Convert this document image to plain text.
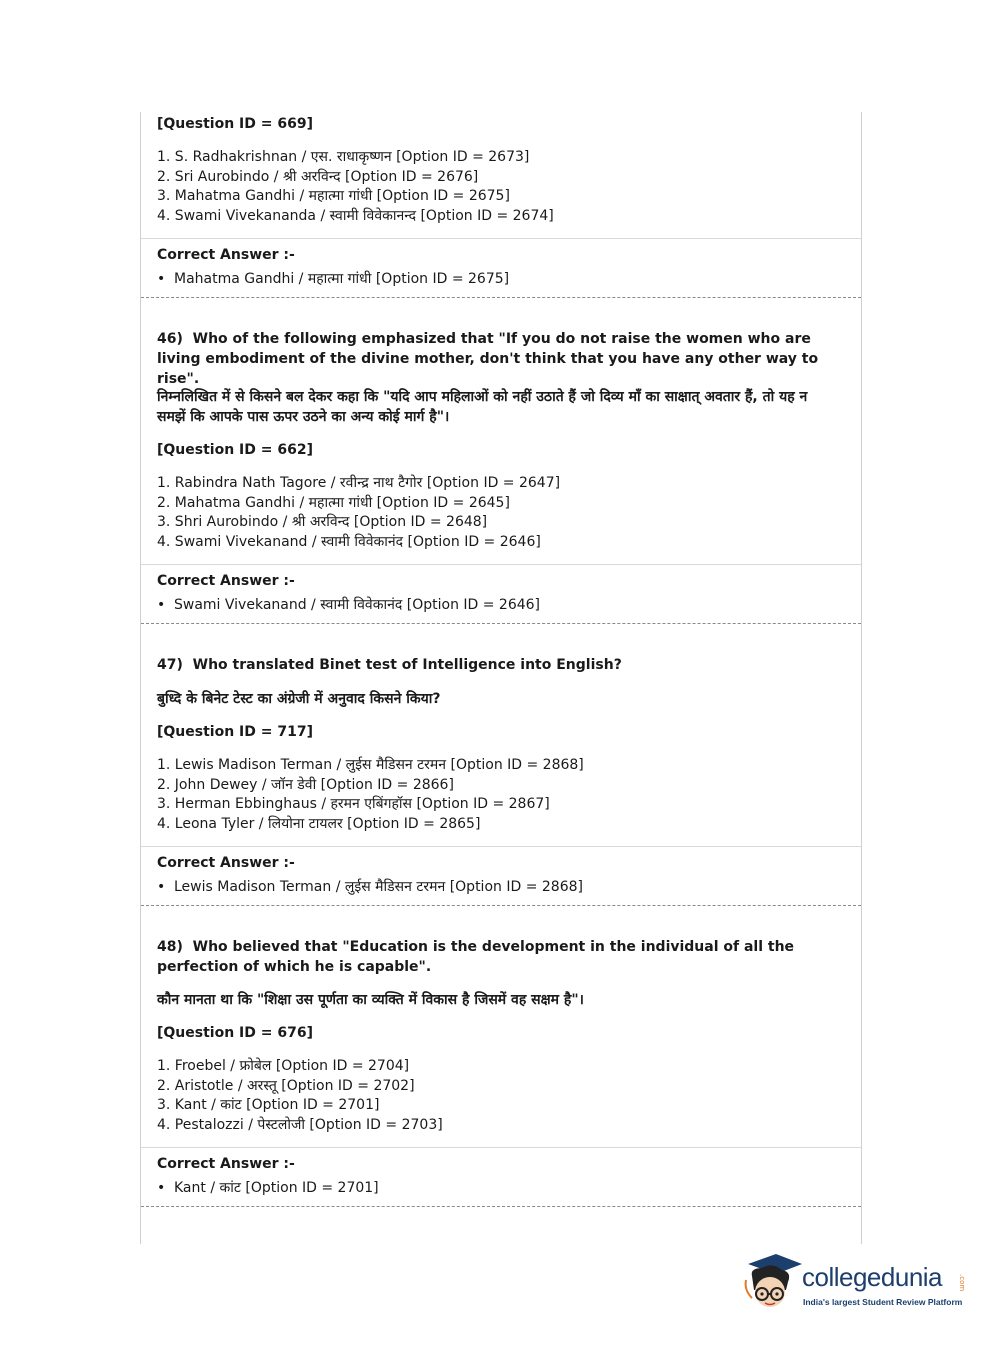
[Question ID = 669]
1. S. Radhakrishnan / एस. राधाकृष्णन [Option ID = 2673]
2. Sri Aurobindo / श्री अरविन्द [Option ID = 2676]
3. Mahatma Gandhi / महात्मा गांधी [Option ID = 2675]
4. Swami Vivekananda / स्वामी विवेकानन्द [Option ID = 2674]
Correct Answer :-
• Mahatma Gandhi / महात्मा गांधी [Option ID = 2675]
46) Who of the following emphasized that "If you do not raise the women who are living embodiment of the divine mother, don't think that you have any other way to rise".
निम्नलिखित में से किसने बल देकर कहा कि "यदि आप महिलाओं को नहीं उठाते हैं जो दिव्य माँ का साक्षात् अवतार हैं, तो यह न समझें कि आपके पास ऊपर उठने का अन्य कोई मार्ग है"।
[Question ID = 662]
1. Rabindra Nath Tagore / रवीन्द्र नाथ टैगोर [Option ID = 2647]
2. Mahatma Gandhi / महात्मा गांधी [Option ID = 2645]
3. Shri Aurobindo / श्री अरविन्द [Option ID = 2648]
4. Swami Vivekanand / स्वामी विवेकानंद [Option ID = 2646]
Correct Answer :-
• Swami Vivekanand / स्वामी विवेकानंद [Option ID = 2646]
47) Who translated Binet test of Intelligence into English?
बुध्दि के बिनेट टेस्ट का अंग्रेजी में अनुवाद किसने किया?
[Question ID = 717]
1. Lewis Madison Terman / लुईस मैडिसन टरमन [Option ID = 2868]
2. John Dewey / जॉन डेवी [Option ID = 2866]
3. Herman Ebbinghaus / हरमन एबिंगहॉस [Option ID = 2867]
4. Leona Tyler / लियोना टायलर [Option ID = 2865]
Correct Answer :-
• Lewis Madison Terman / लुईस मैडिसन टरमन [Option ID = 2868]
48) Who believed that "Education is the development in the individual of all the perfection of which he is capable".
कौन मानता था कि "शिक्षा उस पूर्णता का व्यक्ति में विकास है जिसमें वह सक्षम है"।
[Question ID = 676]
1. Froebel / फ्रोबेल [Option ID = 2704]
2. Aristotle / अरस्तू [Option ID = 2702]
3. Kant / कांट [Option ID = 2701]
4. Pestalozzi / पेस्टलोजी [Option ID = 2703]
Correct Answer :-
• Kant / कांट [Option ID = 2701]
collegedunia .com
India's largest Student Review Platform
